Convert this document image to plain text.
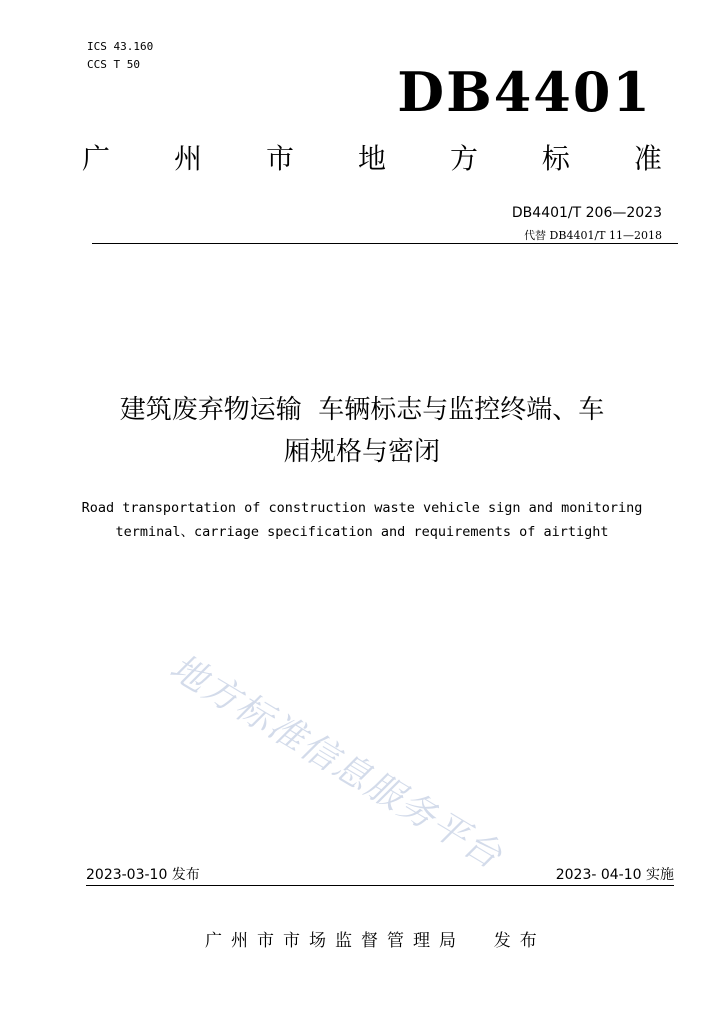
ICS 43.160
CCS T 50	DB4401
广 州 市 地 方 标 准
DB4401/T 206—2023
代替 DB4401/T 11—2018
建筑废弃物运输  车辆标志与监控终端、车
厢规格与密闭
Road transportation of construction waste vehicle sign and monitoring
terminal、carriage specification and requirements of airtight
地方标准信息服务平台
2023-03-10 发布	2023- 04-10 实施
广州市市场监督管理局  发布
